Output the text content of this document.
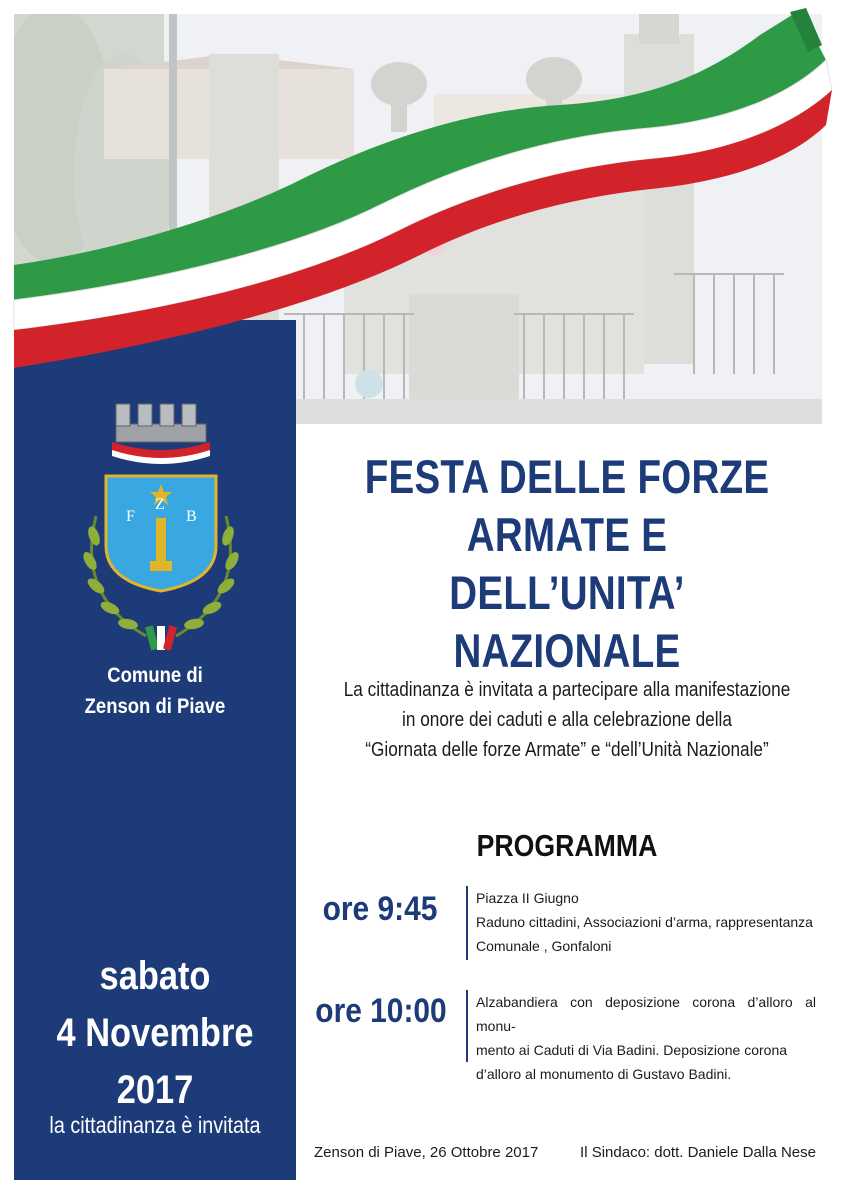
F
Z
B
Comune di
Zenson di Piave
sabato
4 Novembre
2017
la cittadinanza è invitata
FESTA DELLE FORZE
ARMATE E
DELL’UNITA’ NAZIONALE
La cittadinanza è invitata a partecipare alla manifestazione
in onore dei caduti e alla celebrazione della
“Giornata delle forze Armate” e “dell’Unità Nazionale”
PROGRAMMA
ore 9:45	Piazza II Giugno
Raduno cittadini, Associazioni d’arma, rappresentanza
Comunale , Gonfaloni
ore 10:00	Alzabandiera con deposizione corona d’alloro al monu-
mento ai Caduti di Via Badini. Deposizione corona
d’alloro al monumento di Gustavo Badini.
Zenson di Piave, 26 Ottobre 2017	Il Sindaco: dott. Daniele Dalla Nese
